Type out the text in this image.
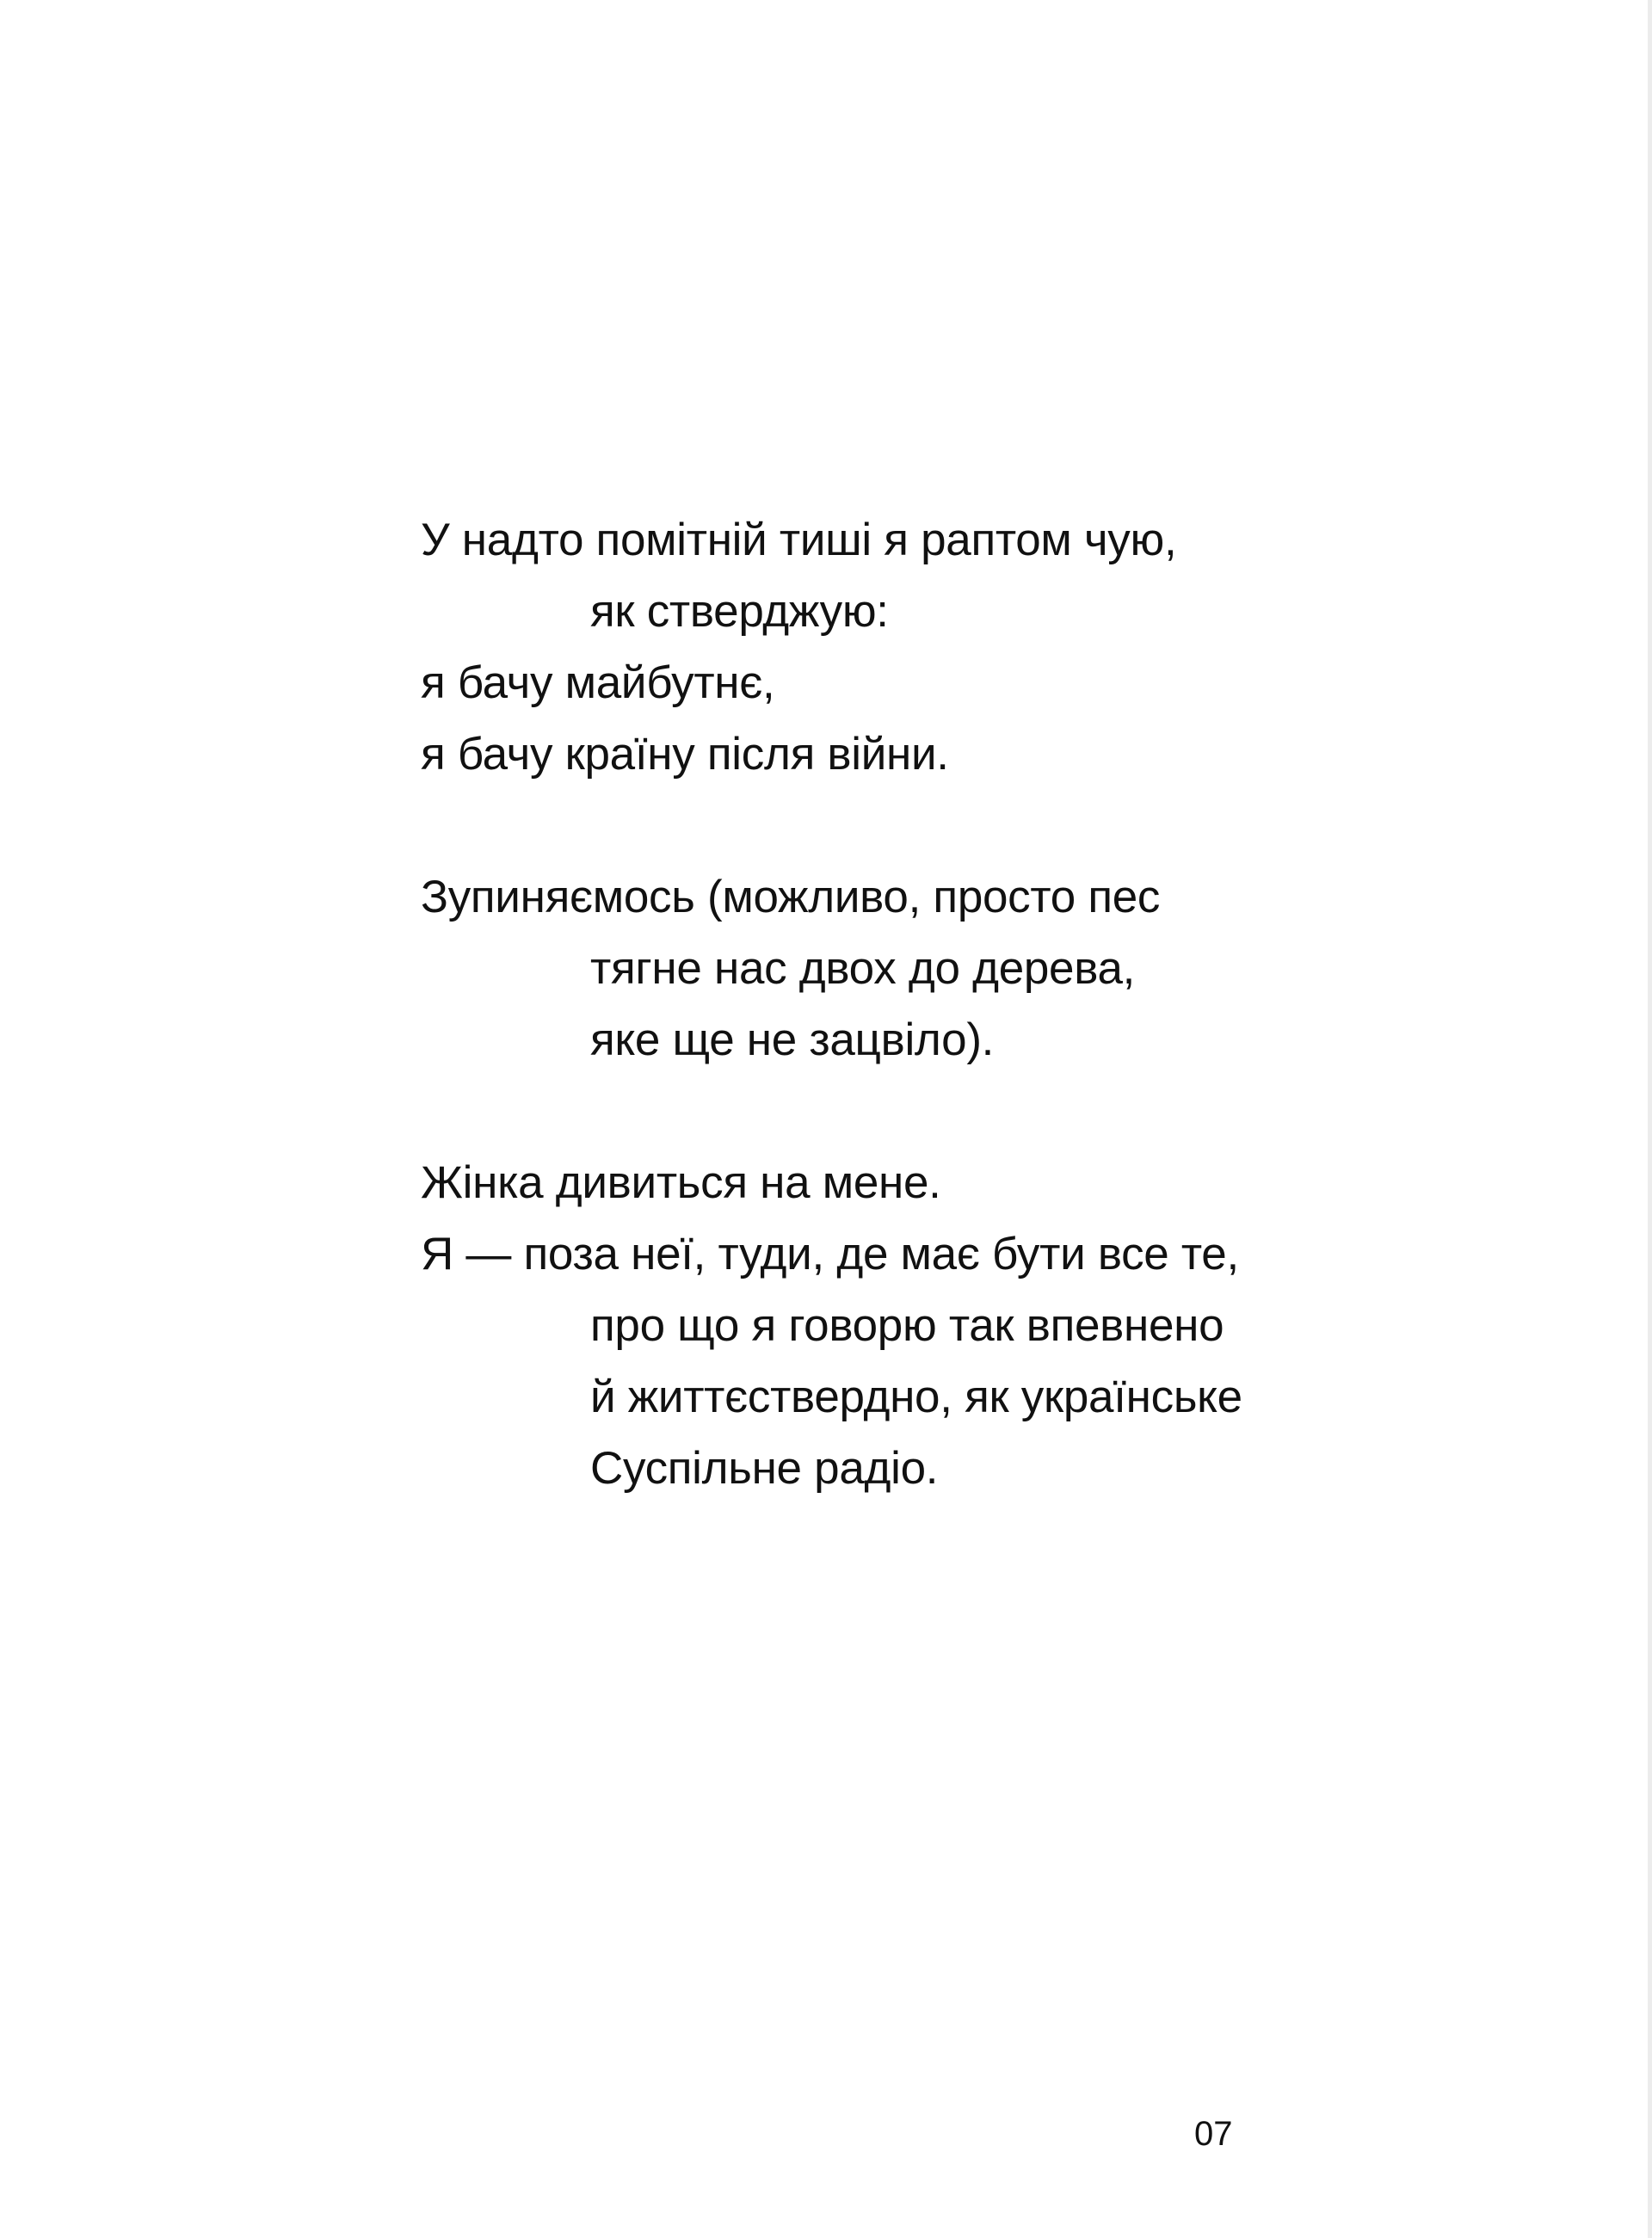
У надто помітній тиші я раптом чую,
як стверджую:
я бачу майбутнє,
я бачу країну після війни.
Зупиняємось (можливо, просто пес
тягне нас двох до дерева,
яке ще не зацвіло).
Жінка дивиться на мене.
Я — поза неї, туди, де має бути все те,
про що я говорю так впевнено
й життєствердно, як українське
Суспільне радіо.
07
